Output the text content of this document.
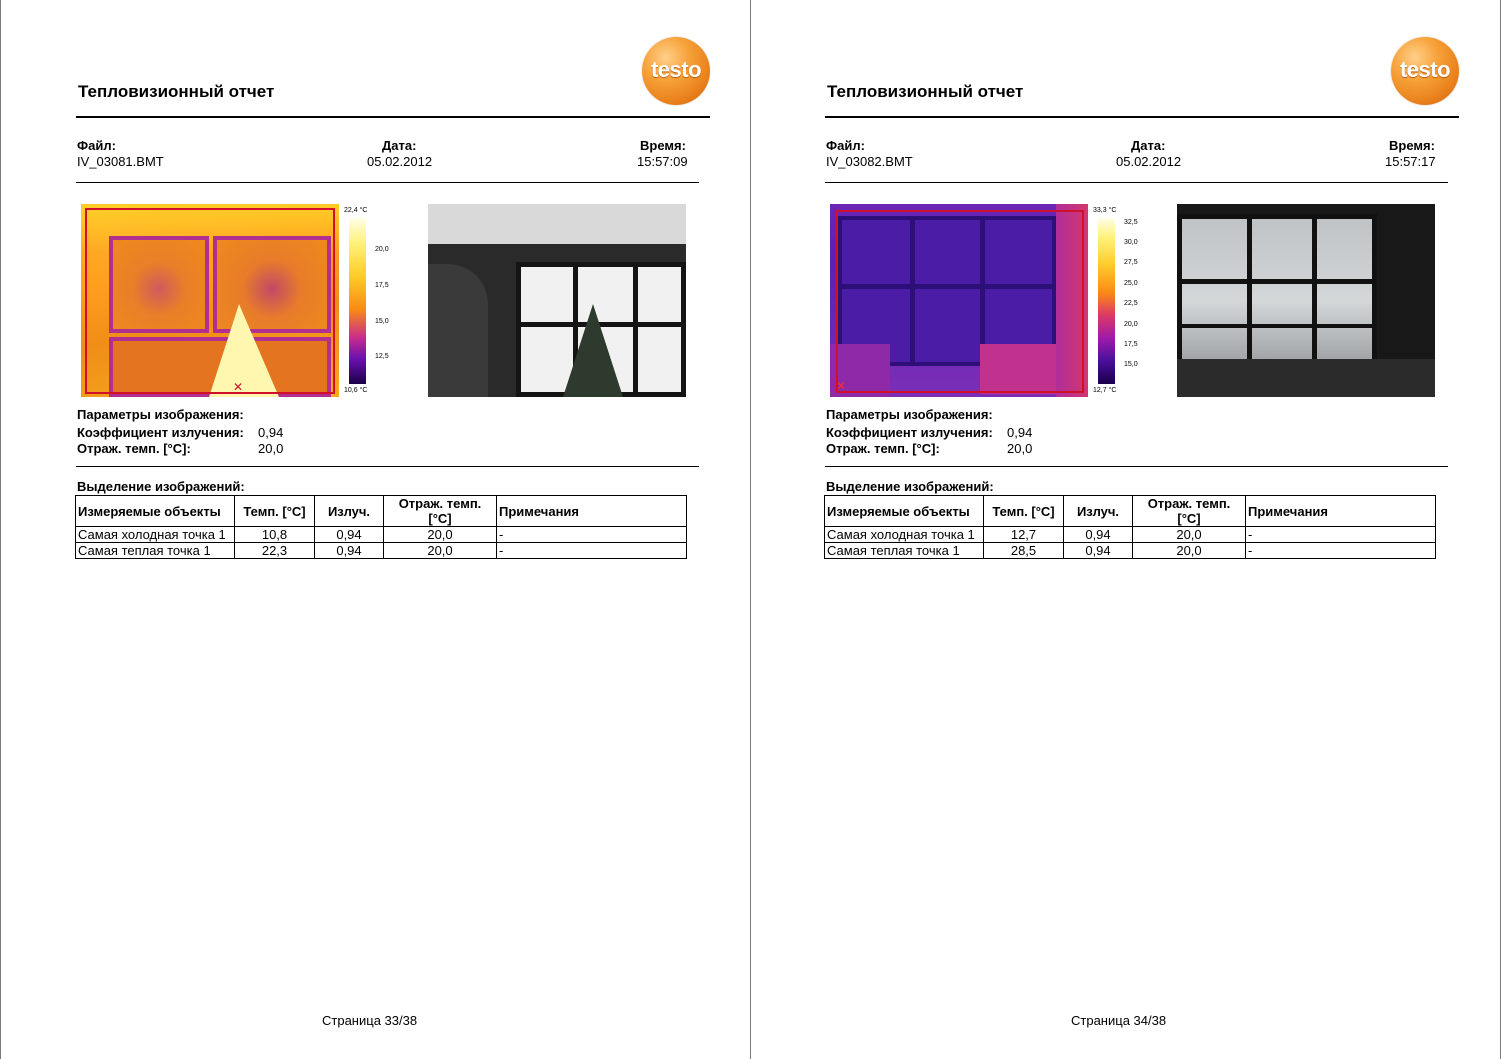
testo
Тепловизионный отчет
Файл:
IV_03081.BMT
Дата:
05.02.2012
Время:
15:57:09
✕
22,4 °C
20,0
17,5
15,0
12,5
10,6 °C
Параметры изображения:
Коэффициент излучения: 0,94
Отраж. темп. [°C]:	20,0
Выделение изображений:
Измеряемые объекты	Темп. [°C]	Излуч.	Отраж. темп. [°C]	Примечания
Самая холодная точка 1	10,8	0,94	20,0	-
Самая теплая точка 1	22,3	0,94	20,0	-
Страница 33/38
testo
Тепловизионный отчет
Файл:
IV_03082.BMT
Дата:
05.02.2012
Время:
15:57:17
✕
33,3 °C
32,5
30,0
27,5
25,0
22,5
20,0
17,5
15,0
12,7 °C
Параметры изображения:
Коэффициент излучения: 0,94
Отраж. темп. [°C]:	20,0
Выделение изображений:
Измеряемые объекты	Темп. [°C]	Излуч.	Отраж. темп. [°C]	Примечания
Самая холодная точка 1	12,7	0,94	20,0	-
Самая теплая точка 1	28,5	0,94	20,0	-
Страница 34/38
